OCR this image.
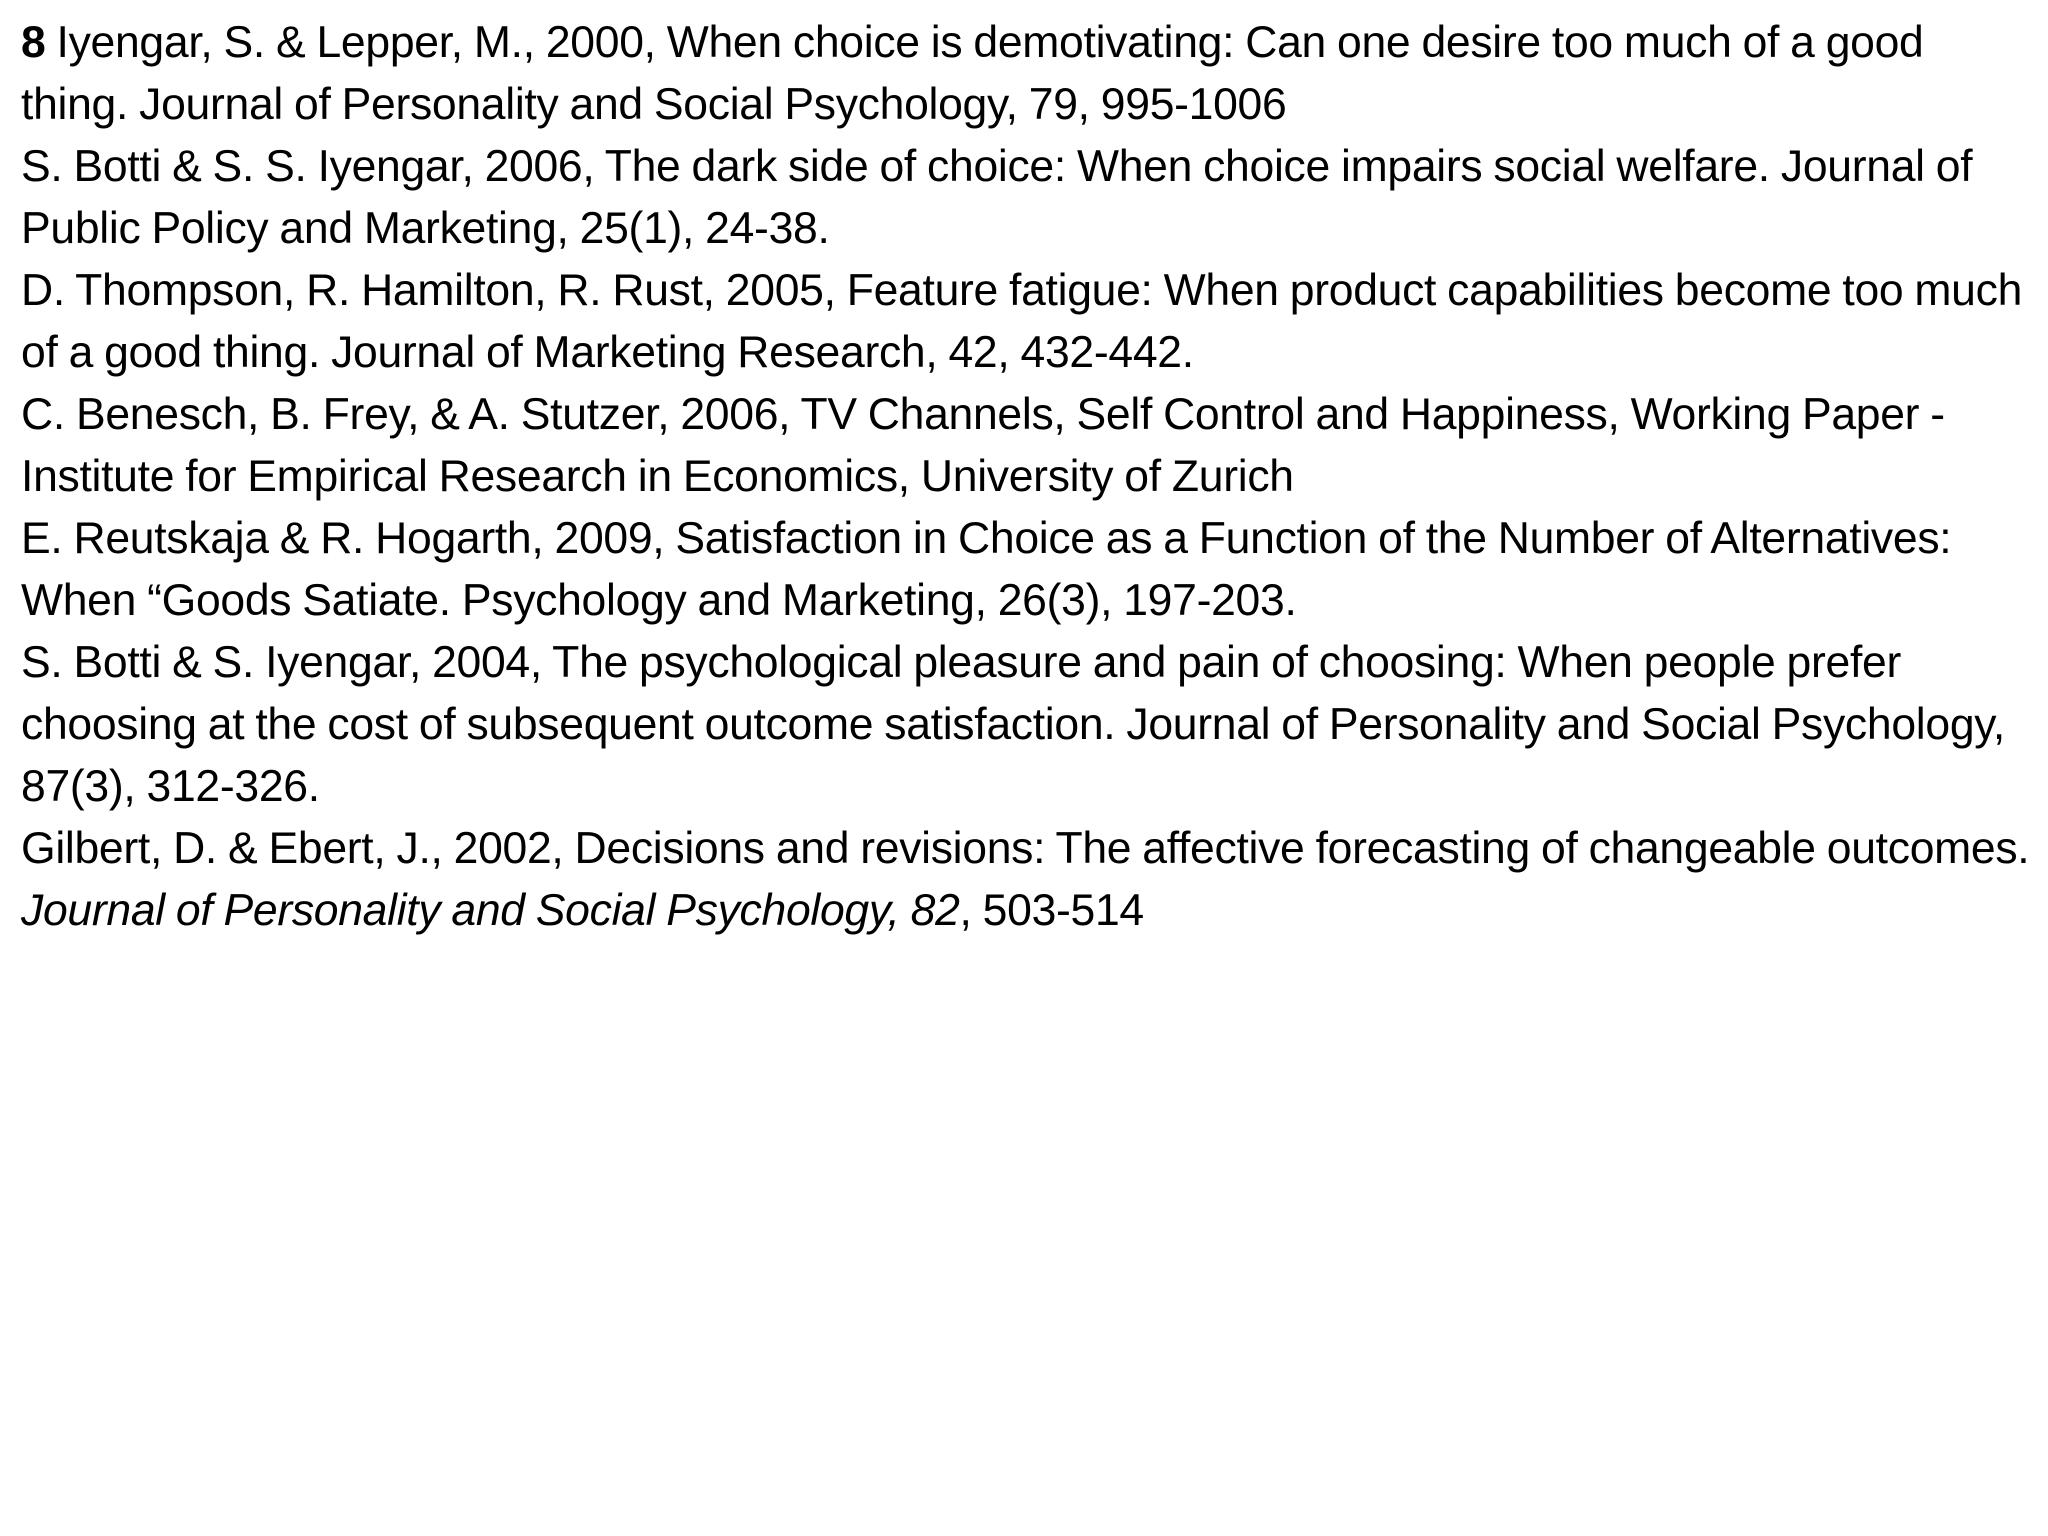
8 Iyengar, S. & Lepper, M., 2000, When choice is demotivating: Can one desire too much of a good thing. Journal of Personality and Social Psychology, 79, 995-1006

S. Botti & S. S. Iyengar, 2006, The dark side of choice: When choice impairs social welfare. Journal of Public Policy and Marketing, 25(1), 24-38.

D. Thompson, R. Hamilton, R. Rust, 2005, Feature fatigue: When product capabilities become too much of a good thing. Journal of Marketing Research, 42, 432-442.

C. Benesch, B. Frey, & A. Stutzer, 2006, TV Channels, Self Control and Happiness, Working Paper - Institute for Empirical Research in Economics, University of Zurich

E. Reutskaja & R. Hogarth, 2009, Satisfaction in Choice as a Function of the Number of Alternatives: When “Goods Satiate. Psychology and Marketing, 26(3), 197-203.

S. Botti & S. Iyengar, 2004, The psychological pleasure and pain of choosing: When people prefer choosing at the cost of subsequent outcome satisfaction. Journal of Personality and Social Psychology, 87(3), 312-326.

Gilbert, D. & Ebert, J., 2002, Decisions and revisions: The affective forecasting of changeable outcomes. Journal of Personality and Social Psychology, 82, 503-514
